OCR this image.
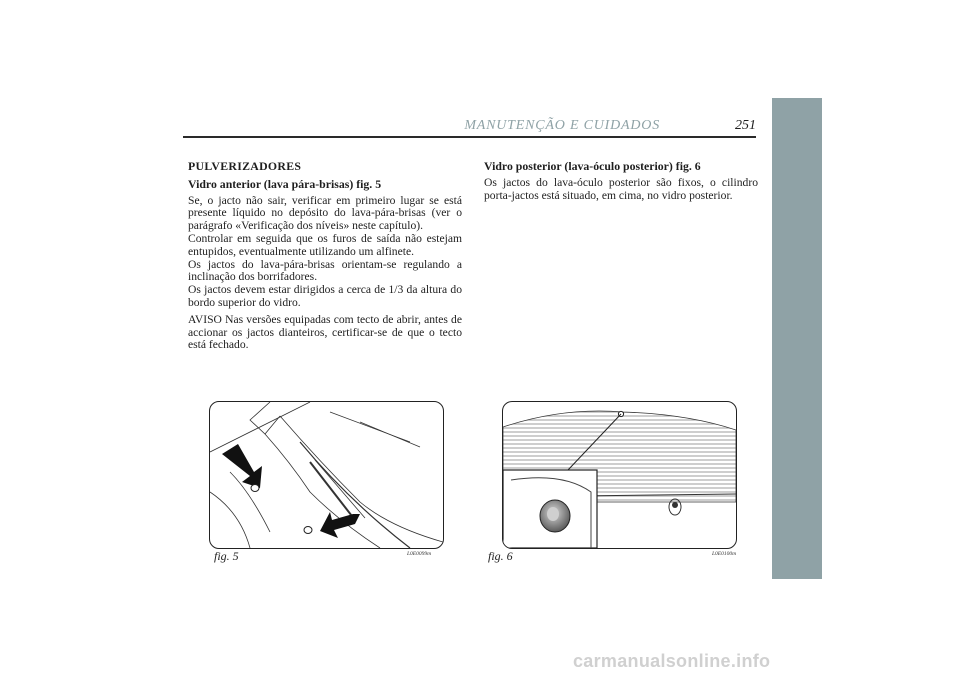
MANUTENÇÃO E CUIDADOS	251
PULVERIZADORES
Vidro anterior (lava pára-brisas) fig. 5
Se, o jacto não sair, verificar em primeiro lugar se está presente líquido no depósito do lava-pára-brisas (ver o parágrafo «Verificação dos níveis» neste capítulo).
Controlar em seguida que os furos de saída não estejam entupidos, eventualmente utilizando um alfinete.
Os jactos do lava-pára-brisas orientam-se regulando a inclinação dos borrifadores.
Os jactos devem estar dirigidos a cerca de 1/3 da altura do bordo superior do vidro.
AVISO Nas versões equipadas com tecto de abrir, antes de accionar os jactos dianteiros, certificar-se de que o tecto está fechado.
Vidro posterior (lava-óculo posterior) fig. 6
Os jactos do lava-óculo posterior são fixos, o cilindro porta-jactos está situado, em cima, no vidro posterior.
fig. 5	L0E0099m	fig. 6	L0E0100m
carmanualsonline.info
